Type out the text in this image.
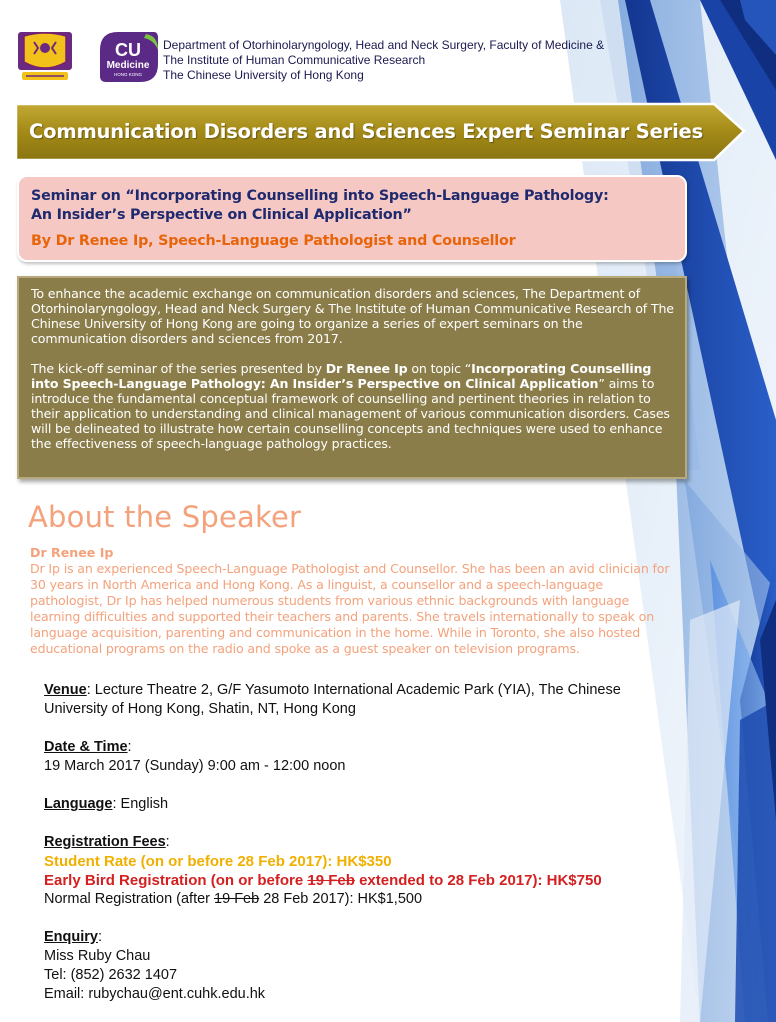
CU
Medicine
HONG KONG
Department of Otorhinolaryngology, Head and Neck Surgery, Faculty of Medicine &
The Institute of Human Communicative Research
The Chinese University of Hong Kong
Communication Disorders and Sciences Expert Seminar Series
Seminar on “Incorporating Counselling into Speech-Language Pathology:
An Insider’s Perspective on Clinical Application”
By Dr Renee Ip, Speech-Language Pathologist and Counsellor

To enhance the academic exchange on communication disorders and sciences, The Department of Otorhinolaryngology, Head and Neck Surgery & The Institute of Human Communicative Research of The Chinese University of Hong Kong are going to organize a series of expert seminars on the communication disorders and sciences from 2017.

The kick-off seminar of the series presented by Dr Renee Ip on topic “Incorporating Counselling into Speech-Language Pathology: An Insider’s Perspective on Clinical Application” aims to introduce the fundamental conceptual framework of counselling and pertinent theories in relation to their application to understanding and clinical management of various communication disorders. Cases will be delineated to illustrate how certain counselling concepts and techniques were used to enhance the effectiveness of speech-language pathology practices.

About the Speaker
Dr Renee Ip
Dr Ip is an experienced Speech-Language Pathologist and Counsellor. She has been an avid clinician for 30 years in North America and Hong Kong. As a linguist, a counsellor and a speech-language pathologist, Dr Ip has helped numerous students from various ethnic backgrounds with language learning difficulties and supported their teachers and parents. She travels internationally to speak on language acquisition, parenting and communication in the home. While in Toronto, she also hosted educational programs on the radio and spoke as a guest speaker on television programs.
Venue: Lecture Theatre 2, G/F Yasumoto International Academic Park (YIA), The Chinese University of Hong Kong, Shatin, NT, Hong Kong
Date & Time:
19 March 2017 (Sunday) 9:00 am - 12:00 noon
Language: English
Registration Fees:
Student Rate (on or before 28 Feb 2017): HK$350
Early Bird Registration (on or before 19 Feb extended to 28 Feb 2017): HK$750
Normal Registration (after 19 Feb 28 Feb 2017): HK$1,500
Enquiry:
Miss Ruby Chau
Tel: (852) 2632 1407
Email: rubychau@ent.cuhk.edu.hk
